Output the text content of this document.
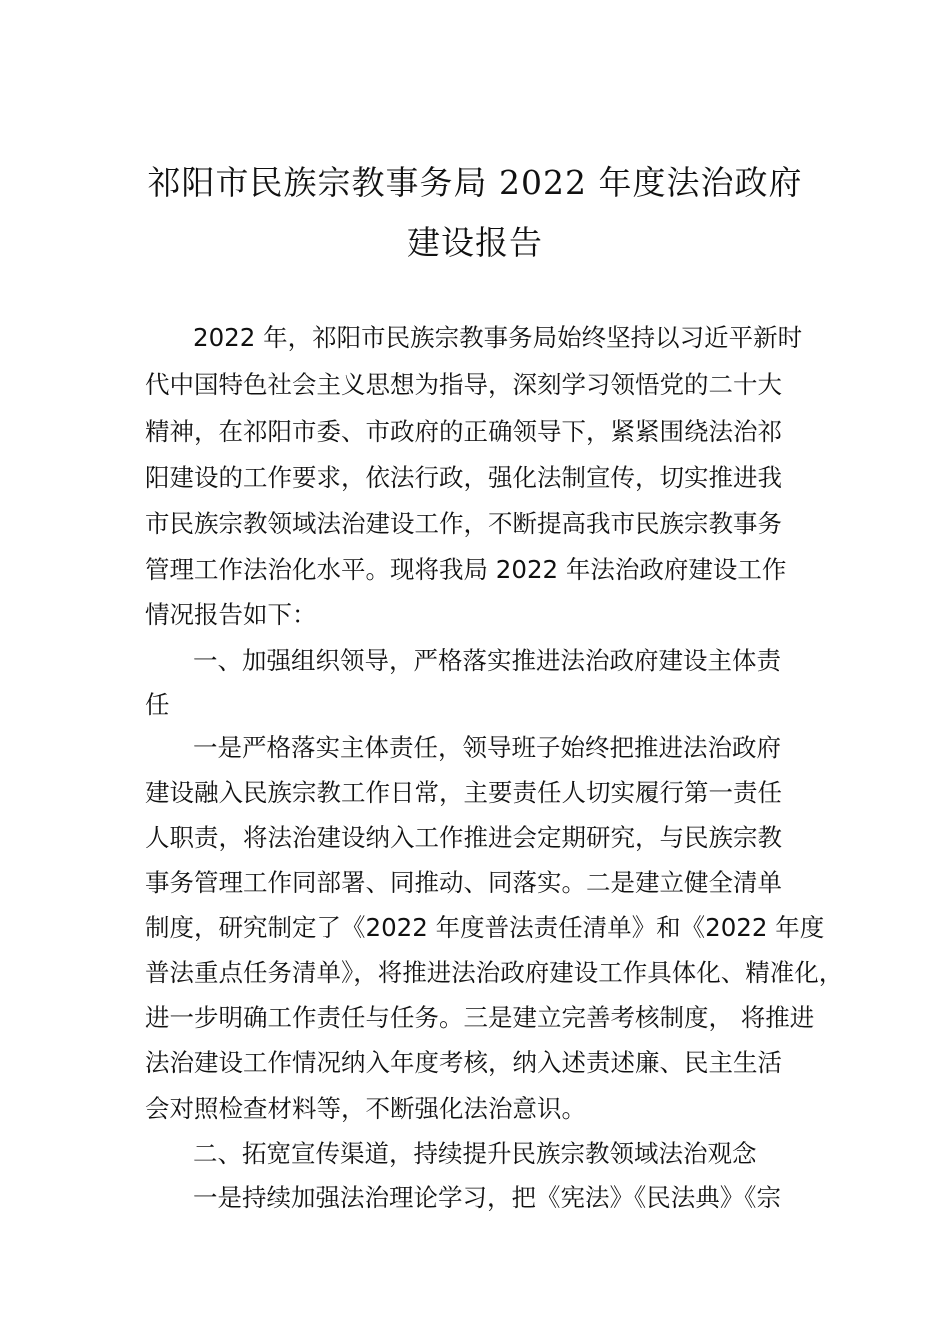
祁阳市民族宗教事务局 2022 年度法治政府
建设报告
2022 年，祁阳市民族宗教事务局始终坚持以习近平新时
代中国特色社会主义思想为指导，深刻学习领悟党的二十大
精神，在祁阳市委、市政府的正确领导下，紧紧围绕法治祁
阳建设的工作要求，依法行政，强化法制宣传，切实推进我
市民族宗教领域法治建设工作，不断提高我市民族宗教事务
管理工作法治化水平。现将我局 2022 年法治政府建设工作
情况报告如下：
一、加强组织领导，严格落实推进法治政府建设主体责
任
一是严格落实主体责任，领导班子始终把推进法治政府
建设融入民族宗教工作日常，主要责任人切实履行第一责任
人职责，将法治建设纳入工作推进会定期研究，与民族宗教
事务管理工作同部署、同推动、同落实。二是建立健全清单
制度，研究制定了《2022 年度普法责任清单》和《2022 年度
普法重点任务清单》，将推进法治政府建设工作具体化、精准化，
进一步明确工作责任与任务。三是建立完善考核制度， 将推进
法治建设工作情况纳入年度考核，纳入述责述廉、民主生活
会对照检查材料等，不断强化法治意识。
二、拓宽宣传渠道，持续提升民族宗教领域法治观念
一是持续加强法治理论学习，把《宪法》《民法典》《宗
